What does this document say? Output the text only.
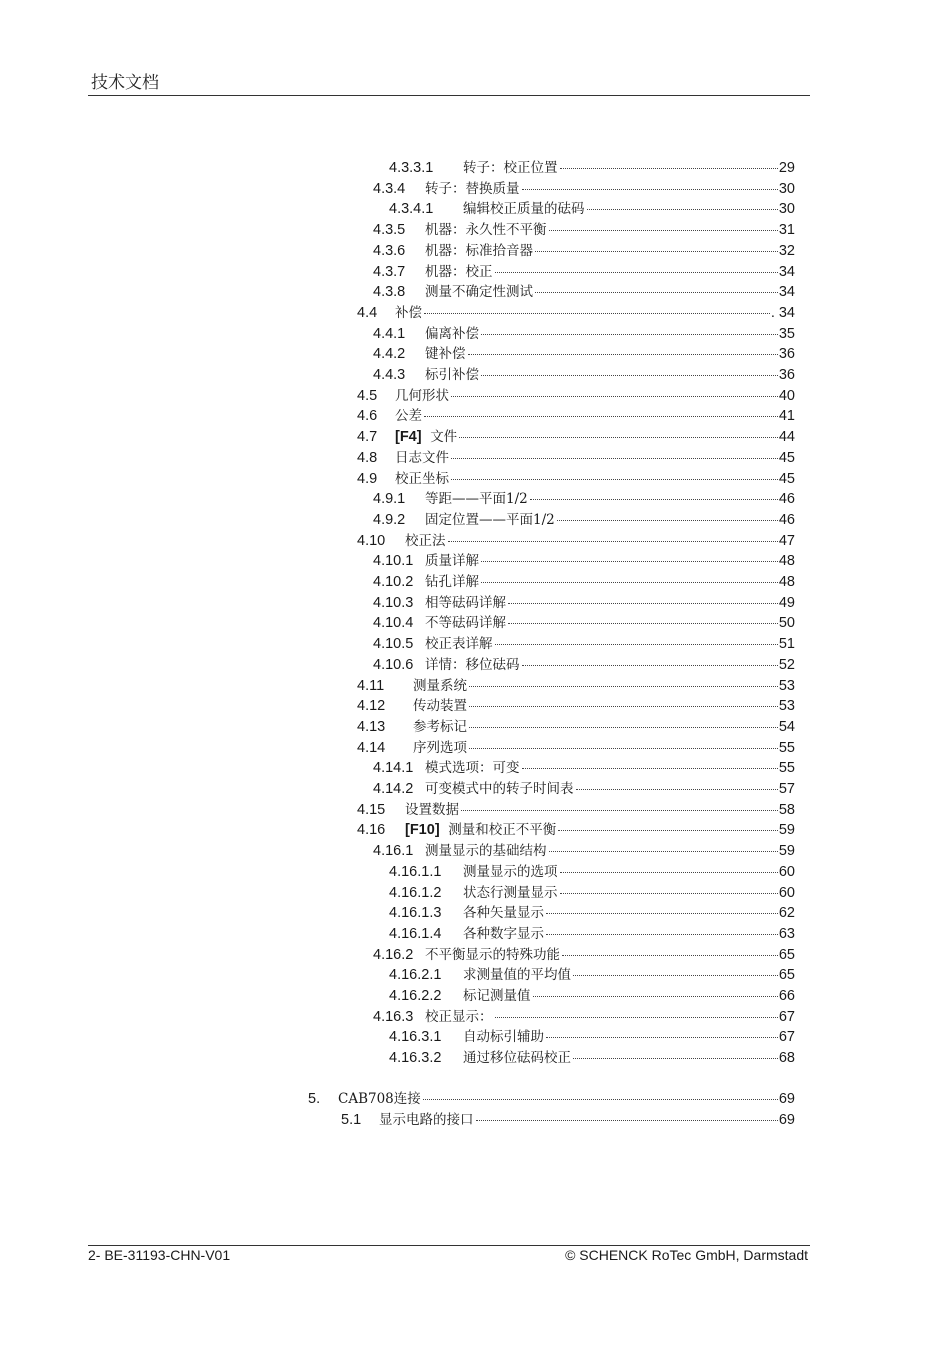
技术文档
4.3.3.1	转子：校正位置	29
4.3.4	转子：替换质量	30
4.3.4.1	编辑校正质量的砝码	30
4.3.5	机器：永久性不平衡	31
4.3.6	机器：标准拾音器	32
4.3.7	机器：校正	34
4.3.8	测量不确定性测试	34
4.4	补偿	. 34
4.4.1	偏离补偿	35
4.4.2	键补偿	36
4.4.3	标引补偿	36
4.5	几何形状	40
4.6	公差	41
4.7	[F4] 文件	44
4.8	日志文件	45
4.9	校正坐标	45
4.9.1	等距——平面1/2	46
4.9.2	固定位置——平面1/2	46
4.10	校正法	47
4.10.1 质量详解	48
4.10.2 钻孔详解	48
4.10.3 相等砝码详解	49
4.10.4 不等砝码详解	50
4.10.5 校正表详解	51
4.10.6 详情：移位砝码	52
4.11	测量系统	53
4.12	传动装置	53
4.13	参考标记	54
4.14	序列选项	55
4.14.1 模式选项：可变	55
4.14.2 可变模式中的转子时间表	57
4.15	设置数据	58
4.16	[F10] 测量和校正不平衡	59
4.16.1 测量显示的基础结构	59
4.16.1.1	测量显示的选项	60
4.16.1.2	状态行测量显示	60
4.16.1.3	各种矢量显示	62
4.16.1.4	各种数字显示	63
4.16.2 不平衡显示的特殊功能	65
4.16.2.1	求测量值的平均值	65
4.16.2.2	标记测量值	66
4.16.3 校正显示：	67
4.16.3.1	自动标引辅助	67
4.16.3.2	通过移位砝码校正	68
5.	CAB708连接	69
5.1	显示电路的接口	69
2- BE-31193-CHN-V01	© SCHENCK RoTec GmbH, Darmstadt
